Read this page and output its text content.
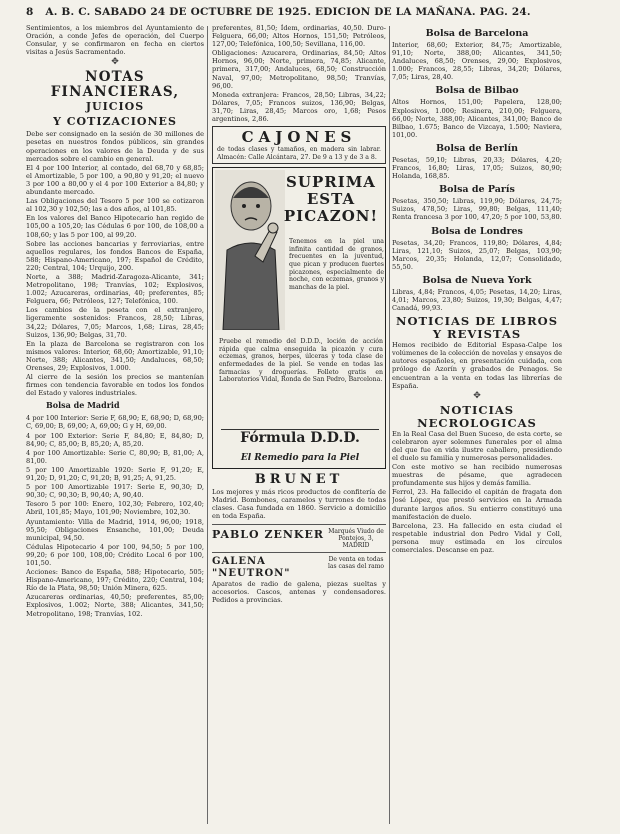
8 A. B. C. SABADO 24 DE OCTUBRE DE 1925. EDICION DE LA MAÑANA. PAG. 24.

Sentimientos, a los miembros del Ayuntamiento de Oración, a conde Jefes de operación, del Cuerpo Consular, y se confirmaron en fecha en ciertos visitas a Jesús Sacramentado.

✥
NOTAS FINANCIERAS,
JUICIOS
Y COTIZACIONES

Debe ser consignado en la sesión de 30 millones de pesetas en nuestros fondos públicos, sin grandes operaciones en los valores de la Deuda y de sus mercados sobre el cambio en general.

El 4 por 100 Interior, al contado, del 68,70 y 68,85; el Amortizable, 5 por 100, a 90,80 y 91,20; el nuevo 3 por 100 a 80,00 y el 4 por 100 Exterior a 84,80; y abundante mercado.

Las Obligaciones del Tesoro 5 por 100 se cotizaron al 102,30 y 102,50; las a dos años, al 101,85.

En los valores del Banco Hipotecario han regido de 105,00 a 105,20; las Cédulas 6 por 100, de 108,00 a 108,60; y las 5 por 100, al 99,20.

Sobre las acciones bancarias y ferroviarias, entre aquellos regulares, los fondos Bancos de España, 588; Hispano-Americano, 197; Español de Crédito, 220; Central, 104; Urquijo, 200.

Norte, a 388; Madrid-Zaragoza-Alicante, 341; Metropolitano, 198; Tranvías, 102; Explosivos, 1.002; Azucareras, ordinarias, 40; preferentes, 85; Felguera, 66; Petróleos, 127; Telefónica, 100.

Los cambios de la peseta con el extranjero, ligeramente sostenidos: Francos, 28,50; Libras, 34,22; Dólares, 7,05; Marcos, 1,68; Liras, 28,45; Suizos, 136,90; Belgas, 31,70.

En la plaza de Barcelona se registraron con los mismos valores: Interior, 68,60; Amortizable, 91,10; Norte, 388; Alicantes, 341,50; Andaluces, 68,50; Orenses, 29; Explosivos, 1.000.

Al cierre de la sesión los precios se mantenían firmes con tendencia favorable en todos los fondos del Estado y valores industriales.

Bolsa de Madrid

4 por 100 Interior: Serie F, 68,90; E, 68,90; D, 68,90; C, 69,00; B, 69,00; A, 69,00; G y H, 69,00.

4 por 100 Exterior: Serie F, 84,80; E, 84,80; D, 84,90; C, 85,00; B, 85,20; A, 85,20.

4 por 100 Amortizable: Serie C, 80,90; B, 81,00; A, 81,00.

5 por 100 Amortizable 1920: Serie F, 91,20; E, 91,20; D, 91,20; C, 91,20; B, 91,25; A, 91,25.

5 por 100 Amortizable 1917: Serie E, 90,30; D, 90,30; C, 90,30; B, 90,40; A, 90,40.

Tesoro 5 por 100: Enero, 102,30; Febrero, 102,40; Abril, 101,85; Mayo, 101,90; Noviembre, 102,30.

Ayuntamiento: Villa de Madrid, 1914, 96,00; 1918, 95,50; Obligaciones Ensanche, 101,00; Deuda municipal, 94,50.

Cédulas Hipotecario 4 por 100, 94,50; 5 por 100, 99,20; 6 por 100, 108,00; Crédito Local 6 por 100, 101,50.

Acciones: Banco de España, 588; Hipotecario, 505; Hispano-Americano, 197; Crédito, 220; Central, 104; Río de la Plata, 98,50; Unión Minera, 625.

Azucareras ordinarias, 40,50; preferentes, 85,00; Explosivos, 1.002; Norte, 388; Alicantes, 341,50; Metropolitano, 198; Tranvías, 102.

preferentes, 81,50; Ídem, ordinarias, 40,50. Duro-Felguera, 66,00; Altos Hornos, 151,50; Petróleos, 127,00; Telefónica, 100,50; Sevillana, 116,00.

Obligaciones: Azucarera, Ordinarias, 84,50; Altos Hornos, 96,00; Norte, primera, 74,85; Alicante, primera, 317,00; Andaluces, 68,50; Construcción Naval, 97,00; Metropolitano, 98,50; Tranvías, 96,00.

Moneda extranjera: Francos, 28,50; Libras, 34,22; Dólares, 7,05; Francos suizos, 136,90; Belgas, 31,70; Liras, 28,45; Marcos oro, 1,68; Pesos argentinos, 2,86.

CAJONES
de todas clases y tamaños, en madera sin labrar. Almacén: Calle Alcántara, 27. De 9 a 13 y de 3 a 8.
SUPRIMA ESTA PICAZON!
Tenemos en la piel una infinita cantidad de granos, frecuentes en la juventud, que pican y producen fuertes picazones, especialmente de noche, con eczemas, granos y manchas de la piel.
Pruebe el remedio del D.D.D., loción de acción rápida que calma enseguida la picazón y cura eczemas, granos, herpes, úlceras y toda clase de enfermedades de la piel. Se vende en todas las farmacias y droguerías. Folleto gratis en Laboratorios Vidal, Ronda de San Pedro, Barcelona.
Fórmula D.D.D.
El Remedio para la Piel
BRUNET

Los mejores y más ricos productos de confitería de Madrid. Bombones, caramelos y turrones de todas clases. Casa fundada en 1860. Servicio a domicilio en toda España.

Marqués Viudo de Pontejos, 3, MADRID
PABLO ZENKER
De venta en todas las casas del ramo
GALENA "NEUTRON"

Aparatos de radio de galena, piezas sueltas y accesorios. Cascos, antenas y condensadores. Pedidos a provincias.

Bolsa de Barcelona

Interior, 68,60; Exterior, 84,75; Amortizable, 91,10; Norte, 388,00; Alicantes, 341,50; Andaluces, 68,50; Orenses, 29,00; Explosivos, 1.000; Francos, 28,55; Libras, 34,20; Dólares, 7,05; Liras, 28,40.

Bolsa de Bilbao

Altos Hornos, 151,00; Papelera, 128,00; Explosivos, 1.000; Resinera, 210,00; Felguera, 66,00; Norte, 388,00; Alicantes, 341,00; Banco de Bilbao, 1.675; Banco de Vizcaya, 1.500; Naviera, 101,00.

Bolsa de Berlín

Pesetas, 59,10; Libras, 20,33; Dólares, 4,20; Francos, 16,80; Liras, 17,05; Suizos, 80,90; Holanda, 168,85.

Bolsa de París

Pesetas, 350,50; Libras, 119,90; Dólares, 24,75; Suizos, 478,50; Liras, 99,80; Belgas, 111,40; Renta francesa 3 por 100, 47,20; 5 por 100, 53,80.

Bolsa de Londres

Pesetas, 34,20; Francos, 119,80; Dólares, 4,84; Liras, 121,10; Suizos, 25,07; Belgas, 103,90; Marcos, 20,35; Holanda, 12,07; Consolidado, 55,50.

Bolsa de Nueva York

Libras, 4,84; Francos, 4,05; Pesetas, 14,20; Liras, 4,01; Marcos, 23,80; Suizos, 19,30; Belgas, 4,47; Canadá, 99,93.

NOTICIAS DE LIBROS Y REVISTAS

Hemos recibido de Editorial Espasa-Calpe los volúmenes de la colección de novelas y ensayos de autores españoles, en presentación cuidada, con prólogo de Azorín y grabados de Penagos. Se encuentran a la venta en todas las librerías de España.

✥
NOTICIAS NECROLOGICAS

En la Real Casa del Buen Suceso, de esta corte, se celebraron ayer solemnes funerales por el alma del que fue en vida ilustre caballero, presidiendo el duelo su familia y numerosas personalidades.

Con este motivo se han recibido numerosas muestras de pésame, que agradecen profundamente sus hijos y demás familia.

Ferrol, 23. Ha fallecido el capitán de fragata don José López, que prestó servicios en la Armada durante largos años. Su entierro constituyó una manifestación de duelo.

Barcelona, 23. Ha fallecido en esta ciudad el respetable industrial don Pedro Vidal y Coll, persona muy estimada en los círculos comerciales. Descanse en paz.
